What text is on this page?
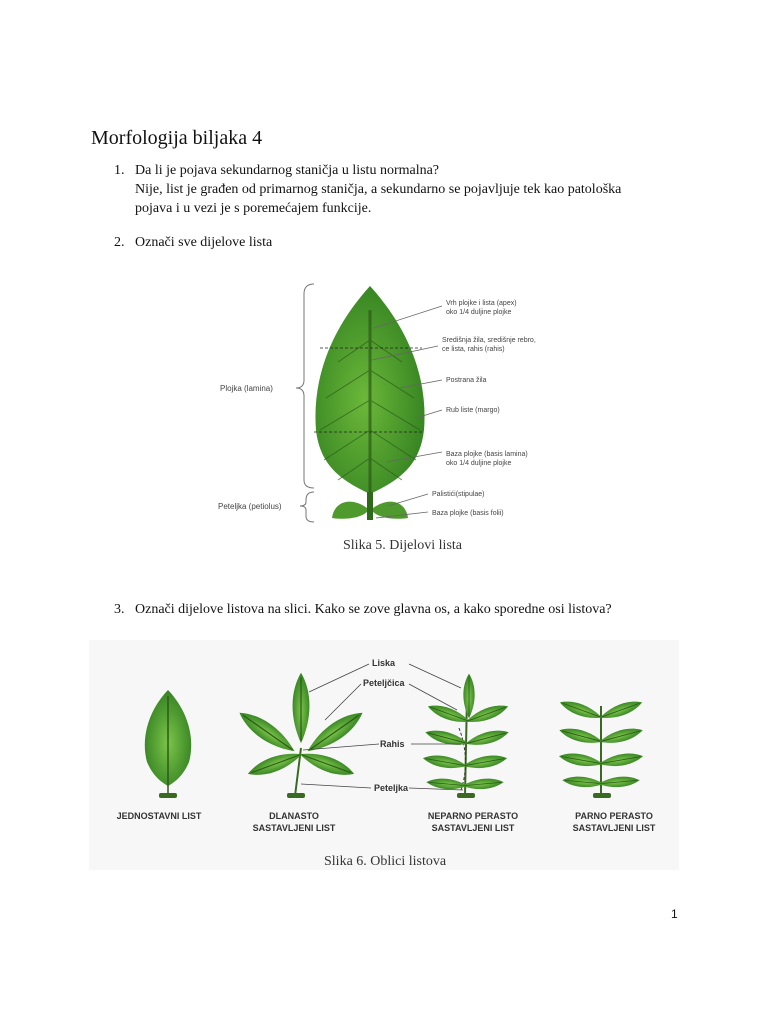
Morfologija biljaka 4
1. Da li je pojava sekundarnog staničja u listu normalna?
Nije, list je građen od primarnog staničja, a sekundarno se pojavljuje tek kao patološka
pojava i u vezi je s poremećajem funkcije.
2. Označi sve dijelove lista
Plojka (lamina)
Peteljka (petiolus)
Vrh plojke i lista (apex)
oko 1/4 duljine plojke
Središnja žila, središnje rebro,
ce lista, rahis (rahis)
Postrana žila
Rub liste (margo)
Baza plojke (basis lamina)
oko 1/4 duljine plojke
Palistići(stipulae)
Baza plojke (basis folii)
Slika 5. Dijelovi lista
3. Označi dijelove listova na slici. Kako se zove glavna os, a kako sporedne osi listova?
Liska
Peteljčica
Rahis
Peteljka
JEDNOSTAVNI LIST	DLANASTO
SASTAVLJENI LIST
NEPARNO PERASTO
SASTAVLJENI LIST
PARNO PERASTO
SASTAVLJENI LIST
Slika 6. Oblici listova
1
